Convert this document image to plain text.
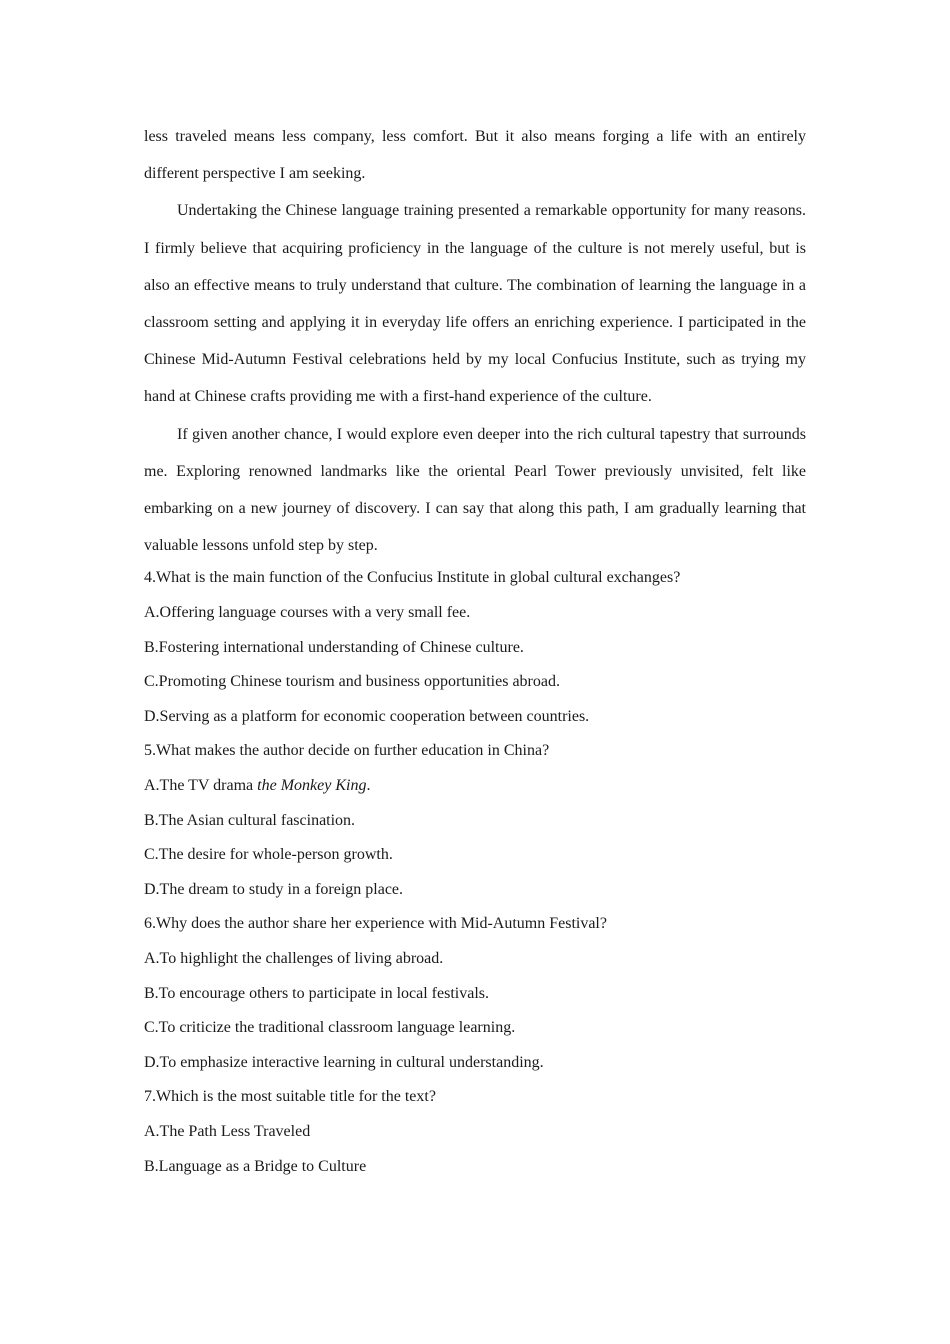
less traveled means less company, less comfort. But it also means forging a life with an entirely different perspective I am seeking.

Undertaking the Chinese language training presented a remarkable opportunity for many reasons. I firmly believe that acquiring proficiency in the language of the culture is not merely useful, but is also an effective means to truly understand that culture. The combination of learning the language in a classroom setting and applying it in everyday life offers an enriching experience. I participated in the Chinese Mid-Autumn Festival celebrations held by my local Confucius Institute, such as trying my hand at Chinese crafts providing me with a first-hand experience of the culture.

If given another chance, I would explore even deeper into the rich cultural tapestry that surrounds me. Exploring renowned landmarks like the oriental Pearl Tower previously unvisited, felt like embarking on a new journey of discovery. I can say that along this path, I am gradually learning that valuable lessons unfold step by step.

4.What is the main function of the Confucius Institute in global cultural exchanges?

A.Offering language courses with a very small fee.

B.Fostering international understanding of Chinese culture.

C.Promoting Chinese tourism and business opportunities abroad.

D.Serving as a platform for economic cooperation between countries.

5.What makes the author decide on further education in China?

A.The TV drama the Monkey King.

B.The Asian cultural fascination.

C.The desire for whole-person growth.

D.The dream to study in a foreign place.

6.Why does the author share her experience with Mid-Autumn Festival?

A.To highlight the challenges of living abroad.

B.To encourage others to participate in local festivals.

C.To criticize the traditional classroom language learning.

D.To emphasize interactive learning in cultural understanding.

7.Which is the most suitable title for the text?

A.The Path Less Traveled

B.Language as a Bridge to Culture
